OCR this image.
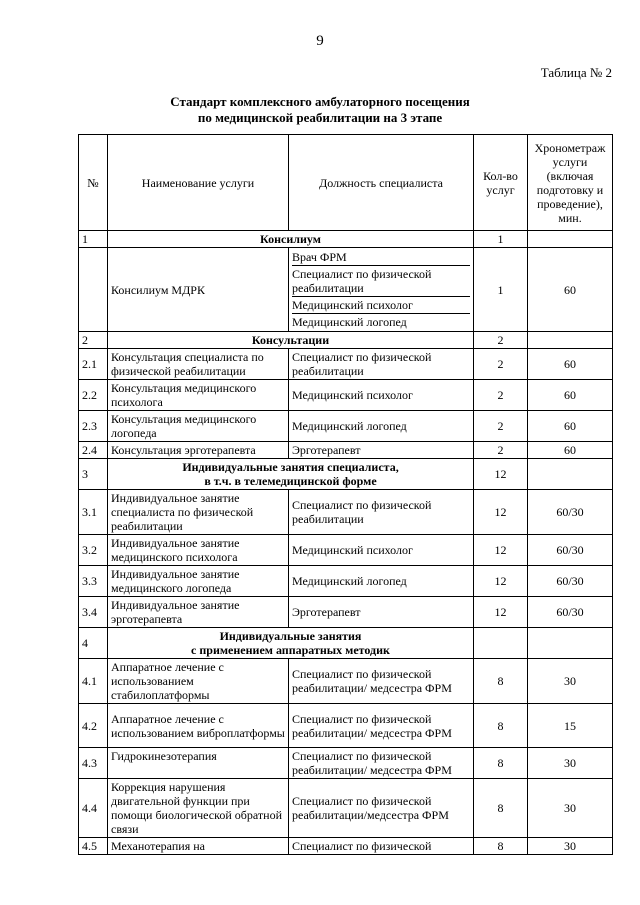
9
Таблица № 2
Стандарт комплексного амбулаторного посещения
по медицинской реабилитации на 3 этапе
№	Наименование услуги	Должность специалиста	Кол-во услуг	Хронометраж услуги (включая подготовку и проведение), мин.
1	Консилиум		1	
	Консилиум МДРК	Врач ФРМ
Специалист по физической реабилитации
Медицинский психолог
Медицинский логопед	1	60
2	Консультации		2	
2.1	Консультация специалиста по физической реабилитации	Специалист по физической реабилитации	2	60
2.2	Консультация медицинского психолога	Медицинский психолог	2	60
2.3	Консультация медицинского логопеда	Медицинский логопед	2	60
2.4	Консультация эрготерапевта	Эрготерапевт	2	60
3	Индивидуальные занятия специалиста,
в т.ч. в телемедицинской форме		12	
3.1	Индивидуальное занятие специалиста по физической реабилитации	Специалист по физической реабилитации	12	60/30
3.2	Индивидуальное занятие медицинского психолога	Медицинский психолог	12	60/30
3.3	Индивидуальное занятие медицинского логопеда	Медицинский логопед	12	60/30
3.4	Индивидуальное занятие эрготерапевта	Эрготерапевт	12	60/30
4	Индивидуальные занятия
с применением аппаратных методик			

4.1	Аппаратное лечение с использованием стабилоплатформы	Специалист по физической реабилитации/ медсестра ФРМ	8	30
4.2	Аппаратное лечение с использованием виброплатформы	Специалист по физической реабилитации/ медсестра ФРМ	8	15
4.3	Гидрокинезотерапия	Специалист по физической реабилитации/ медсестра ФРМ	8	30
4.4	Коррекция нарушения двигательной функции при помощи биологической обратной связи	Специалист по физической реабилитации/медсестра ФРМ	8	30
4.5	Механотерапия на	Специалист по физической	8	30
